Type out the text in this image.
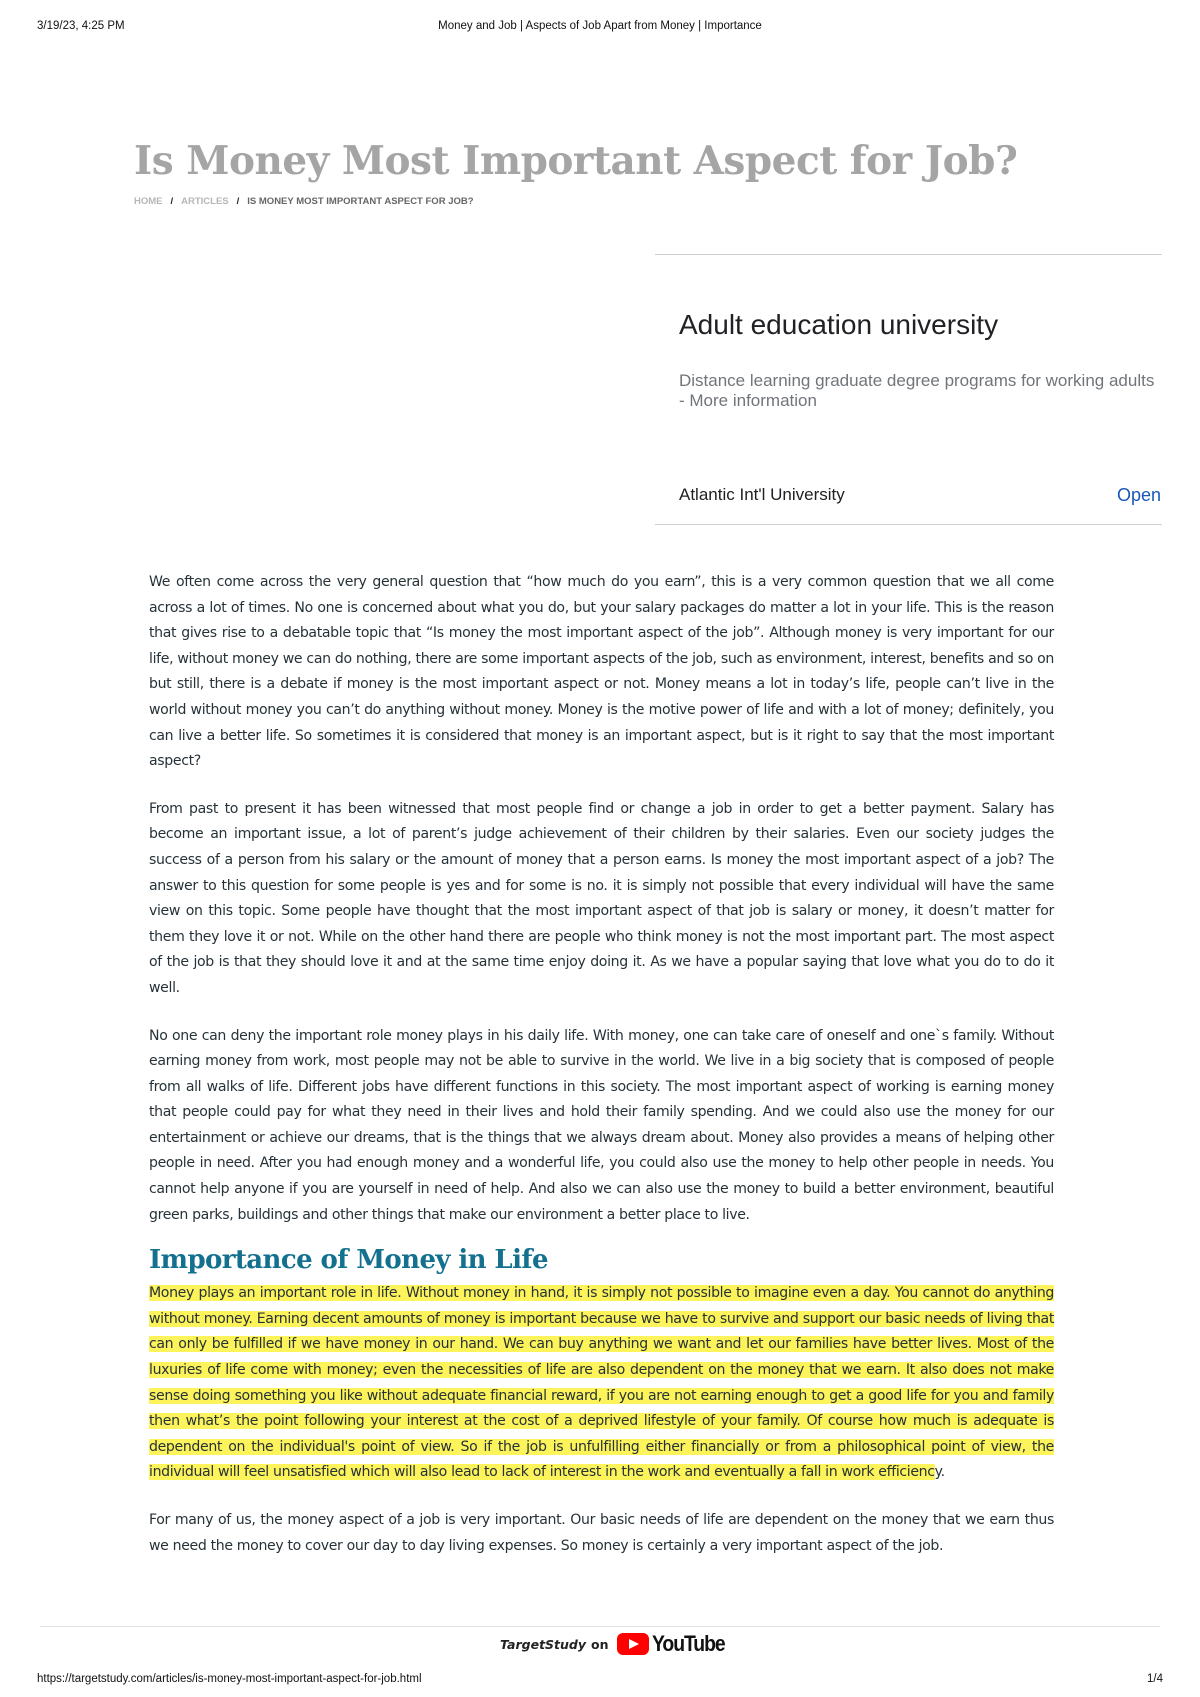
3/19/23, 4:25 PM	Money and Job | Aspects of Job Apart from Money | Importance
Is Money Most Important Aspect for Job?
HOME / ARTICLES / IS MONEY MOST IMPORTANT ASPECT FOR JOB?
Adult education university
Distance learning graduate degree programs for working adults
- More information
Atlantic Int'l University	Open

We often come across the very general question that “how much do you earn”, this is a very common question that we all come across a lot of times. No one is concerned about what you do, but your salary packages do matter a lot in your life. This is the reason that gives rise to a debatable topic that “Is money the most important aspect of the job”. Although money is very important for our life, without money we can do nothing, there are some important aspects of the job, such as environment, interest, benefits and so on but still, there is a debate if money is the most important aspect or not. Money means a lot in today’s life, people can’t live in the world without money you can’t do anything without money. Money is the motive power of life and with a lot of money; definitely, you can live a better life. So sometimes it is considered that money is an important aspect, but is it right to say that the most important aspect?

From past to present it has been witnessed that most people find or change a job in order to get a better payment. Salary has become an important issue, a lot of parent’s judge achievement of their children by their salaries. Even our society judges the success of a person from his salary or the amount of money that a person earns. Is money the most important aspect of a job? The answer to this question for some people is yes and for some is no. it is simply not possible that every individual will have the same view on this topic. Some people have thought that the most important aspect of that job is salary or money, it doesn’t matter for them they love it or not. While on the other hand there are people who think money is not the most important part. The most aspect of the job is that they should love it and at the same time enjoy doing it. As we have a popular saying that love what you do to do it well.

No one can deny the important role money plays in his daily life. With money, one can take care of oneself and one`s family. Without earning money from work, most people may not be able to survive in the world. We live in a big society that is composed of people from all walks of life. Different jobs have different functions in this society. The most important aspect of working is earning money that people could pay for what they need in their lives and hold their family spending. And we could also use the money for our entertainment or achieve our dreams, that is the things that we always dream about. Money also provides a means of helping other people in need. After you had enough money and a wonderful life, you could also use the money to help other people in needs. You cannot help anyone if you are yourself in need of help. And also we can also use the money to build a better environment, beautiful green parks, buildings and other things that make our environment a better place to live.

Importance of Money in Life

Money plays an important role in life. Without money in hand, it is simply not possible to imagine even a day. You cannot do anything without money. Earning decent amounts of money is important because we have to survive and support our basic needs of living that can only be fulfilled if we have money in our hand. We can buy anything we want and let our families have better lives. Most of the luxuries of life come with money; even the necessities of life are also dependent on the money that we earn. It also does not make sense doing something you like without adequate financial reward, if you are not earning enough to get a good life for you and family then what’s the point following your interest at the cost of a deprived lifestyle of your family. Of course how much is adequate is dependent on the individual's point of view. So if the job is unfulfilling either financially or from a philosophical point of view, the individual will feel unsatisfied which will also lead to lack of interest in the work and eventually a fall in work efficiency.

For many of us, the money aspect of a job is very important. Our basic needs of life are dependent on the money that we earn thus we need the money to cover our day to day living expenses. So money is certainly a very important aspect of the job.

TargetStudy on YouTube
https://targetstudy.com/articles/is-money-most-important-aspect-for-job.html	1/4
